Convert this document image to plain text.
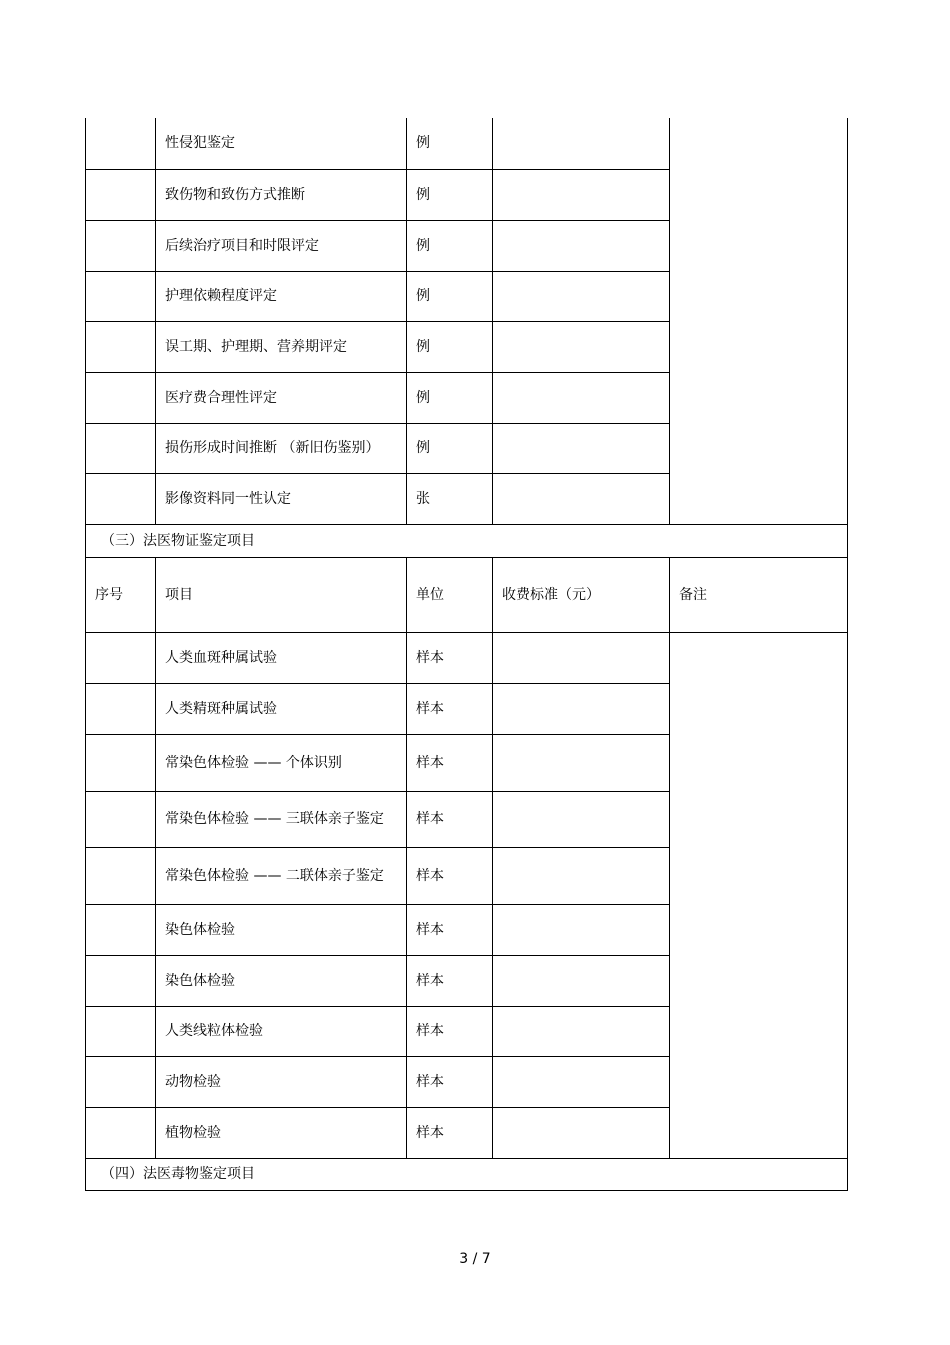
	性侵犯鉴定	例		
	致伤物和致伤方式推断	例		
	后续治疗项目和时限评定	例		
	护理依赖程度评定	例		
	误工期、护理期、营养期评定	例		
	医疗费合理性评定	例		
	损伤形成时间推断 （新旧伤鉴别）	例		
	影像资料同一性认定	张		
（三）法医物证鉴定项目				
序号	项目	单位	收费标准（元）	备注
	人类血斑种属试验	样本		
	人类精斑种属试验	样本		
	常染色体检验 —— 个体识别	样本		
	常染色体检验 —— 三联体亲子鉴定	样本		
	常染色体检验 —— 二联体亲子鉴定	样本		
	染色体检验	样本		
	染色体检验	样本		
	人类线粒体检验	样本		
	动物检验	样本		
	植物检验	样本		
（四）法医毒物鉴定项目				
3 / 7
